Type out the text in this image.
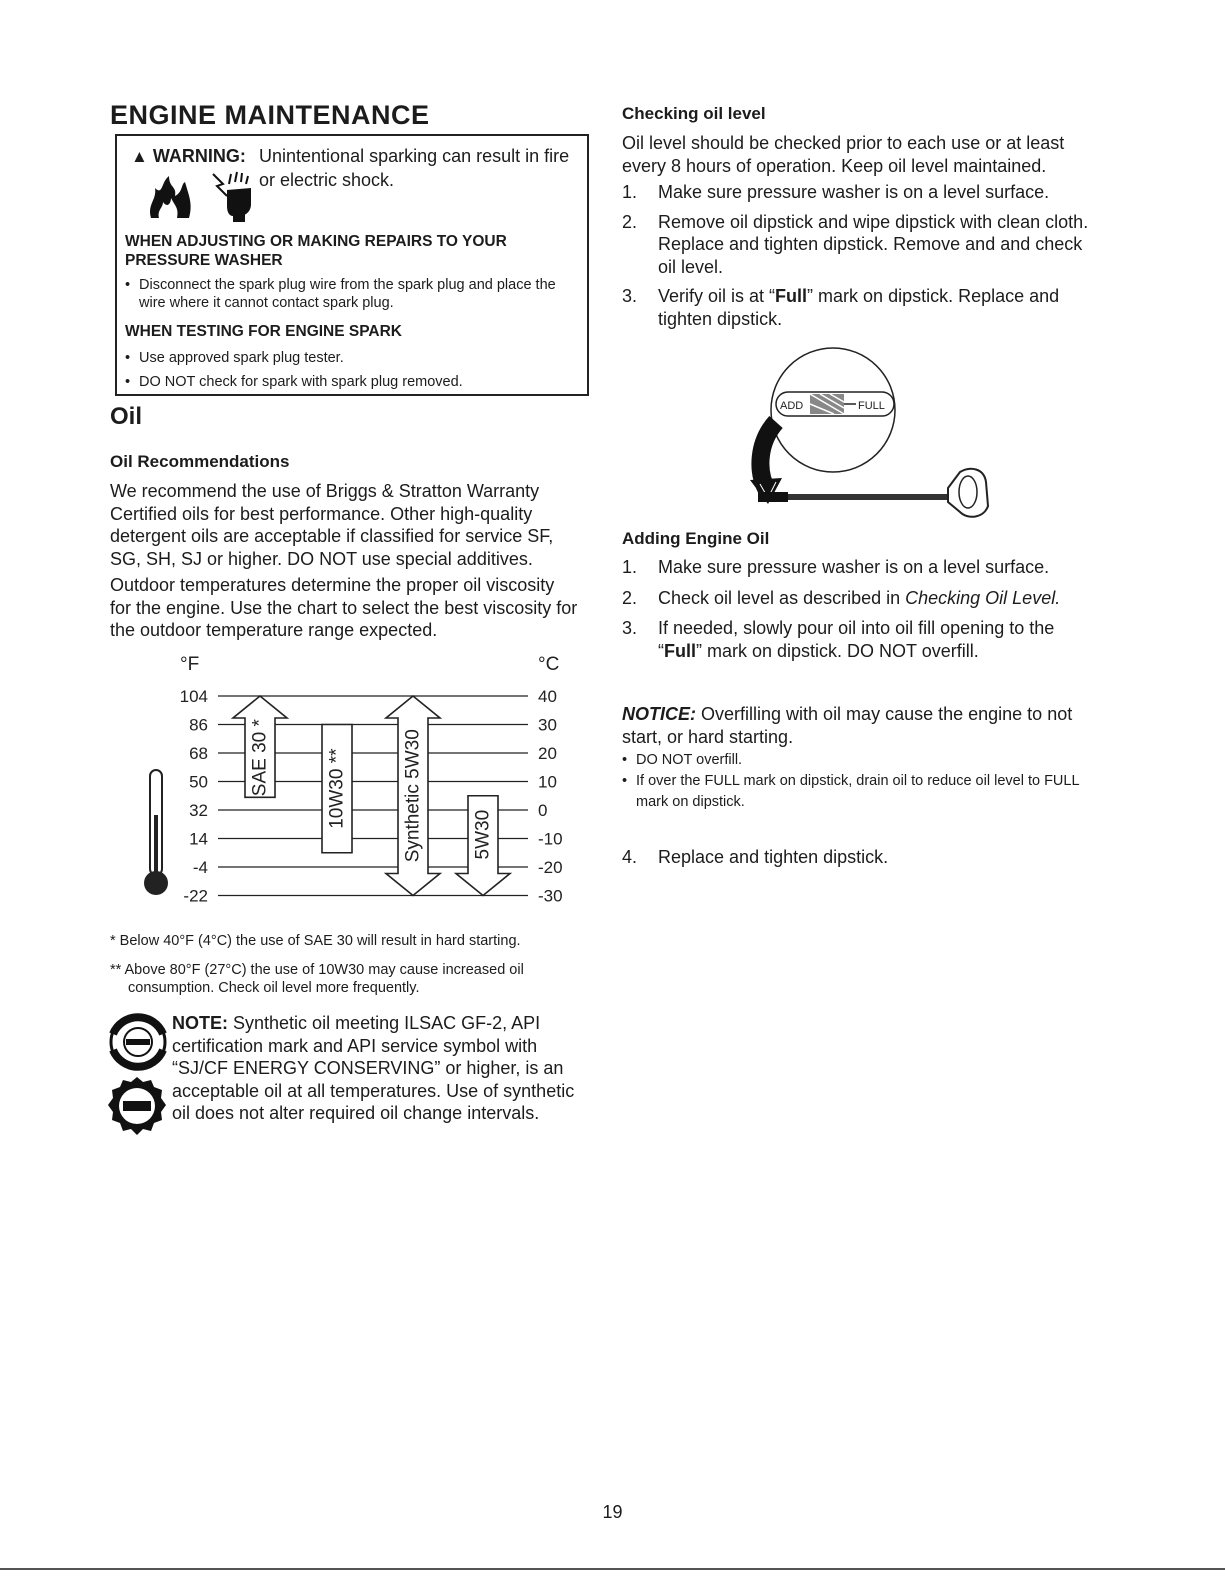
ENGINE MAINTENANCE
▲ WARNING: Unintentional sparking can result in fire or electric shock.
WHEN ADJUSTING OR MAKING REPAIRS TO YOUR PRESSURE WASHER
• Disconnect the spark plug wire from the spark plug and place the wire where it cannot contact spark plug.
WHEN TESTING FOR ENGINE SPARK
• Use approved spark plug tester.
• DO NOT check for spark with spark plug removed.
Oil
Oil Recommendations
We recommend the use of Briggs & Stratton Warranty Certified oils for best performance. Other high-quality detergent oils are acceptable if classified for service SF, SG, SH, SJ or higher. DO NOT use special additives.
Outdoor temperatures determine the proper oil viscosity for the engine. Use the chart to select the best viscosity for the outdoor temperature range expected.
°F	°C
104	40
86	30
68	20
50	10
32	0
14	-10
-4	-20
-22	-30
SAE 30 *	10W30 **	Synthetic 5W30	5W30
* Below 40°F (4°C) the use of SAE 30 will result in hard starting.
** Above 80°F (27°C) the use of 10W30 may cause increased oil consumption. Check oil level more frequently.
NOTE: Synthetic oil meeting ILSAC GF-2, API certification mark and API service symbol with “SJ/CF ENERGY CONSERVING” or higher, is an acceptable oil at all temperatures. Use of synthetic oil does not alter required oil change intervals.
Checking oil level
Oil level should be checked prior to each use or at least every 8 hours of operation. Keep oil level maintained.
1. Make sure pressure washer is on a level surface.
2. Remove oil dipstick and wipe dipstick with clean cloth. Replace and tighten dipstick. Remove and and check oil level.
3. Verify oil is at “Full” mark on dipstick. Replace and tighten dipstick.
ADD	FULL
Adding Engine Oil
1. Make sure pressure washer is on a level surface.
2. Check oil level as described in Checking Oil Level.
3. If needed, slowly pour oil into oil fill opening to the “Full” mark on dipstick. DO NOT overfill.
NOTICE: Overfilling with oil may cause the engine to not start, or hard starting.
• DO NOT overfill.
• If over the FULL mark on dipstick, drain oil to reduce oil level to FULL mark on dipstick.
4. Replace and tighten dipstick.
19
